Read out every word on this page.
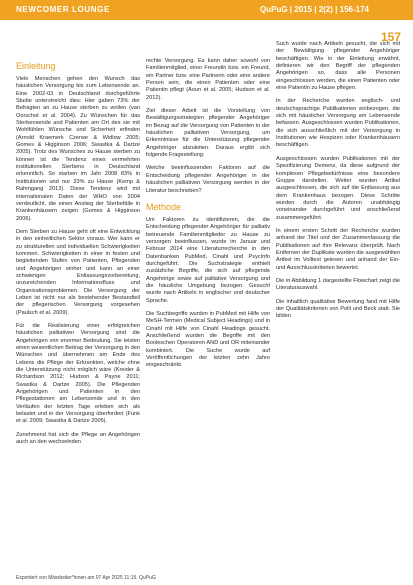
NEWCOMER LOUNGE	QuPuG | 2015 | 2(2) | 156-174
157
Einleitung

Viele Menschen gehen den Wunsch das häuslichen Versorgung bis zum Lebensende an. Eine 2002-03 in Deutschland durchgeführte Studie unterstreicht dies: Hier gaben 73% der Befragten an zu Hause sterben zu wollen (van Oorschot et al. 2004). Zu Wünschen für das Sterbensende and Patienten am Ort des sie mit Wohlfühlen Wünsche und Sicherheit erfinden (Arnold Kraemerk Czerwe & Widlow 2005; Gomes & Higginson 2006; Swastka & Dartze 2005). Trotz des Wunsches zu Hause sterben zu können ist die Tendenz eines vermehrten institutionellen Sterbens in Deutschland erkenntlich. So starben im Jahr 2008 83% in Institutionen und nur 33% zu Hause (Kemp & Rahmgang 2013). Diese Tendenz wird mit internationalen Daten der WHO von 2004 verdeutlicht, die einen Anstieg der Sterbefälle in Krankenhäusern zeigen (Gomes & Higginson 2006).

Dem Sterben zu Hause geht oft eine Entwicklung in den einheitlichen Sektor voraus. Wer kann er zu strukturellen und individuellen Schwierigkeiten kommen. Schwierigkeiten in einer in festen und begleitenden Stufen von Patienten, Pflegenden und Angehörigen einher und kann an einer schwierigen Entlassungsvorbereitung, unzureichenden Informationsfluss und Organisationsproblemen. Die Versorgung der Leben ist nicht nur als bestehender Bestandteil der pflegerischen Versorgung vorgesehen (Paulsch et al. 2009).

Für die Realisierung einer erfolgreichen häuslichen palliativen Versorgung sind die Angehörigen von enormer Bedeutung. Sie leisten einen wesentlichen Beitrag der Versorgung in den Wünschen und übernehmen am Ende des Lebens die Pflege der Erkrankten, welche ohne die Unterstützung nicht möglich wäre (Kreider & Richardson 2012; Hudson & Payne 2011; Swastka & Dartze 2005). Die Pflegenden Angehörigen und Patienten in den Pflegestationen am Lebensende und in den Verläufen der letzten Tage erleben sich als belastet und in der Versorgung überfordert (Funk et al. 2009; Swastka & Dartze 2005).

Zunehmend hat sich die Pflege an Angehörigen auch an den wechselnden

rechte Versorgung. Es kann daher sowohl von Familienmitglied, einer Freundin bzw. ein Freund, ein Partner bzw. eine Partnerin oder eine andere Person sein, die einen Patienten oder eine Patientin pflegt (Aoun et al. 2005; Hudson et al. 2012).

Ziel dieser Arbeit ist die Vorstellung von Bewältigungsstrategien pflegender Angehöriger im Bezug auf die Versorgung von Patienten in der häuslichen palliativen Versorgung, um Erkenntnisse für die Unterstützung pflegender Angehöriger abzuleiten. Daraus ergibt sich folgende Fragestellung:

Welche beeinflussenden Faktoren auf die Entscheidung pflegender Angehöriger in der häuslichen palliativen Versorgung werden in der Literatur beschrieben?

Methode

Um Faktoren zu identifizieren, die die Entscheidung pflegender Angehöriger für palliativ betreuende Familienmitglieder zu Hause zu versorgen beeinflussen, wurde im Januar und Februar 2014 eine Literaturrecherche in den Datenbanken PubMed, Cinahl und PsycInfo durchgeführt. Die Suchstrategie enthielt zusätzliche Begriffe, die sich auf pflegende Angehörige sowie auf palliative Versorgung und die häusliche Umgebung bezogen. Gesucht wurde nach Artikeln in englischer und deutscher Sprache.

Die Suchbegriffe wurden in PubMed mit Hilfe von MeSH-Termen (Medical Subject Headings) und in Cinahl mit Hilfe von Cinahl Headings gesucht. Anschließend wurden die Begriffe mit den Booleschen Operatoren AND und OR miteinander kombiniert. Die Suche wurde auf Veröffentlichungen der letzten zehn Jahre eingeschränkt.

Such wurde nach Artikeln gesucht, die sich mit der Bewältigung pflegender Angehöriger beschäftigen. Wie in der Einleitung erwähnt, definieren wir den Begriff der pflegenden Angehörigen so, dass alle Personen eingeschlossen werden, die einen Patienten oder eine Patientin zu Hause pflegen.

In der Recherche wurden englisch- und deutschsprachige Publikationen einbezogen, die sich mit häuslicher Versorgung am Lebensende befassen. Ausgeschlossen wurden Publikationen, die sich ausschließlich mit der Versorgung in Institutionen wie Hospizen oder Krankenhäusern beschäftigen.

Ausgeschlossen wurden Publikationen mit der Spezifizierung Demenz, da diese aufgrund der komplexen Pflegebedürfnisse eine besondere Gruppe darstellen. Weiter wurden Artikel ausgeschlossen, die sich auf die Entlassung aus dem Krankenhaus bezogen. Diese Schritte wurden durch die Autoren unabhängig voneinander durchgeführt und anschließend zusammengeführt.

In einem ersten Schritt der Recherche wurden anhand der Titel und der Zusammenfassung die Publikationen auf ihre Relevanz überprüft. Nach Entfernen der Duplikate wurden die ausgewählten Artikel im Volltext gelesen und anhand der Ein- und Ausschlusskriterien bewertet.

Die in Abbildung 1 dargestellte Flowchart zeigt die Literaturauswahl.

Die inhaltlich qualitative Bewertung fand mit Hilfe der Qualitätskriterien von Polit und Beck statt. Sie bilden

Exportiert von Mitarbeiter*innen am 07 Apr 2025 11:15. QuPuG
